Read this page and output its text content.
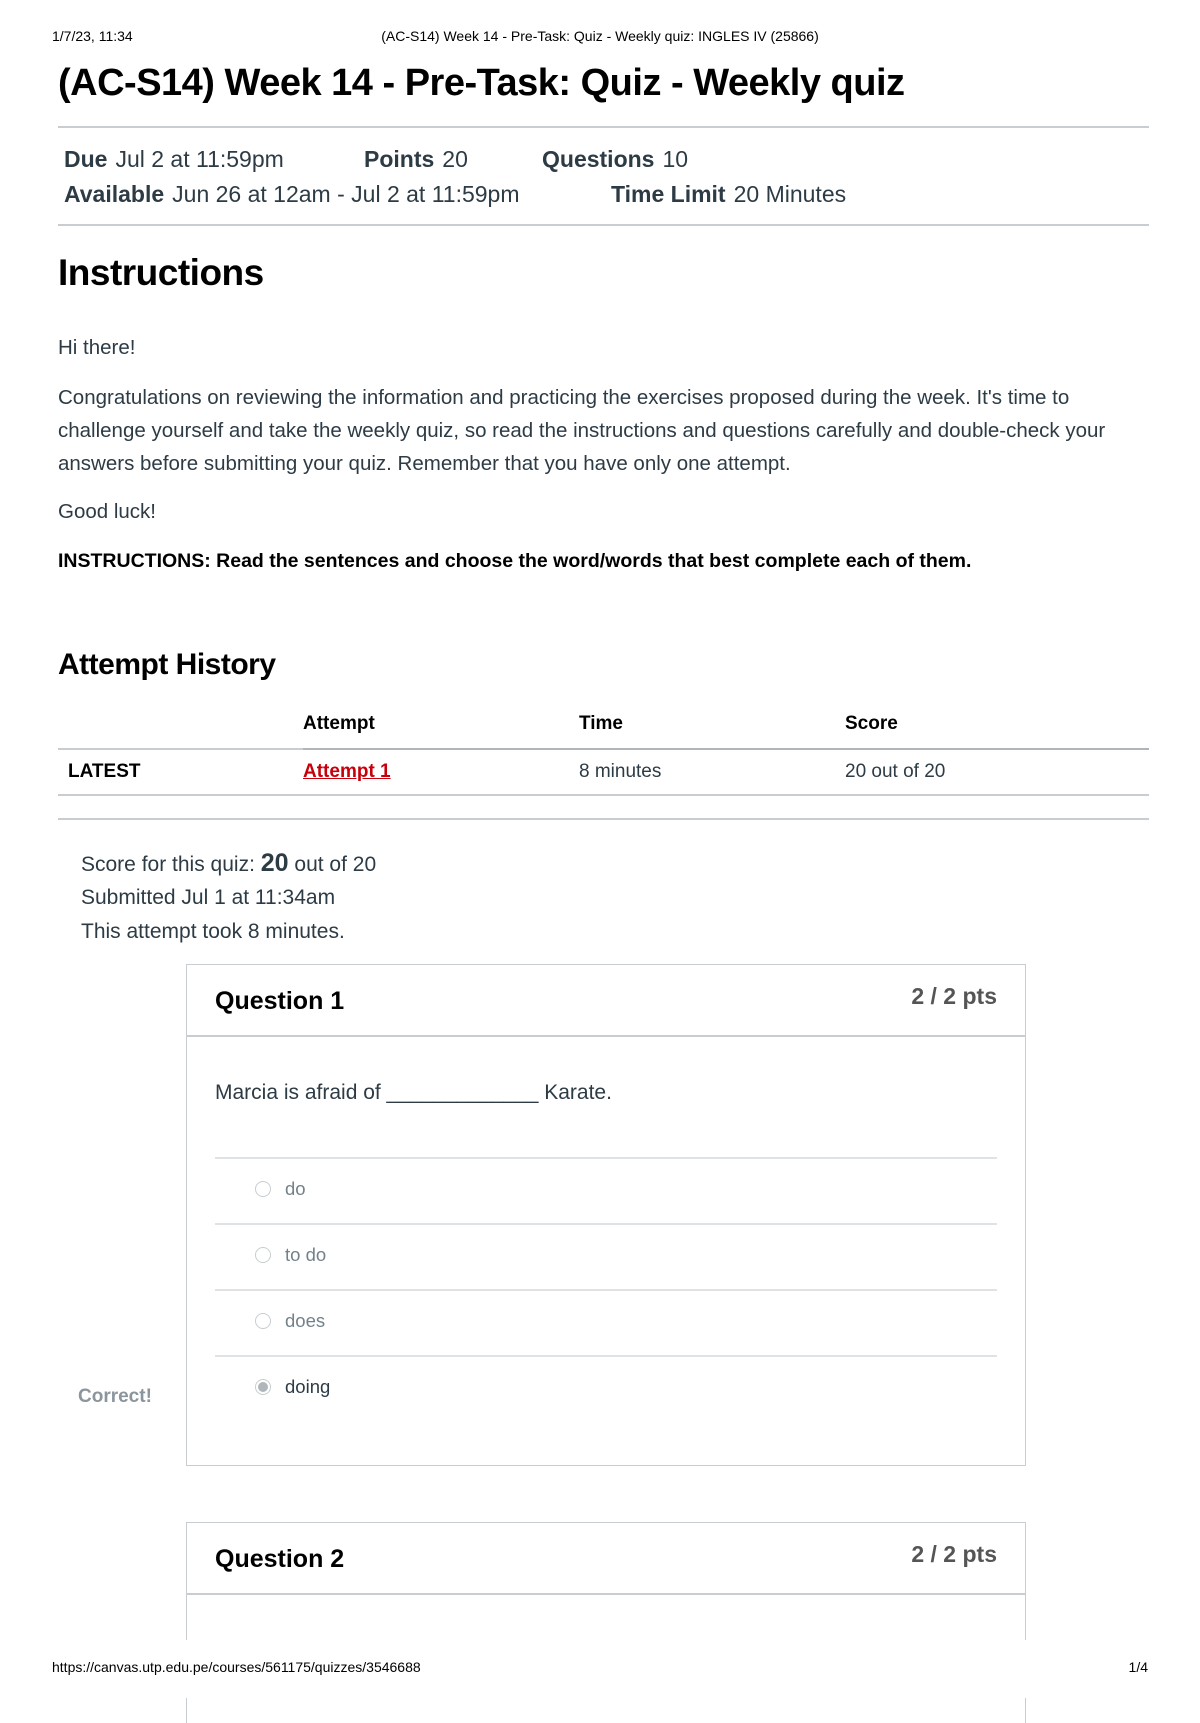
1/7/23, 11:34	(AC-S14) Week 14 - Pre-Task: Quiz - Weekly quiz: INGLES IV (25866)
(AC-S14) Week 14 - Pre-Task: Quiz - Weekly quiz
Due Jul 2 at 11:59pm	Points 20	Questions 10
Available Jun 26 at 12am - Jul 2 at 11:59pm	Time Limit 20 Minutes
Instructions

Hi there!

Congratulations on reviewing the information and practicing the exercises proposed during the week. It's time to challenge yourself and take the weekly quiz, so read the instructions and questions carefully and double-check your answers before submitting your quiz. Remember that you have only one attempt.

Good luck!

INSTRUCTIONS: Read the sentences and choose the word/words that best complete each of them.

Attempt History
	Attempt	Time	Score
LATEST	Attempt 1	8 minutes	20 out of 20
Score for this quiz: 20 out of 20
Submitted Jul 1 at 11:34am
This attempt took 8 minutes.
Question 1	2 / 2 pts
Marcia is afraid of _____________ Karate.
do
to do
does
doing
Question 2	2 / 2 pts
Correct!
https://canvas.utp.edu.pe/courses/561175/quizzes/3546688	1/4
